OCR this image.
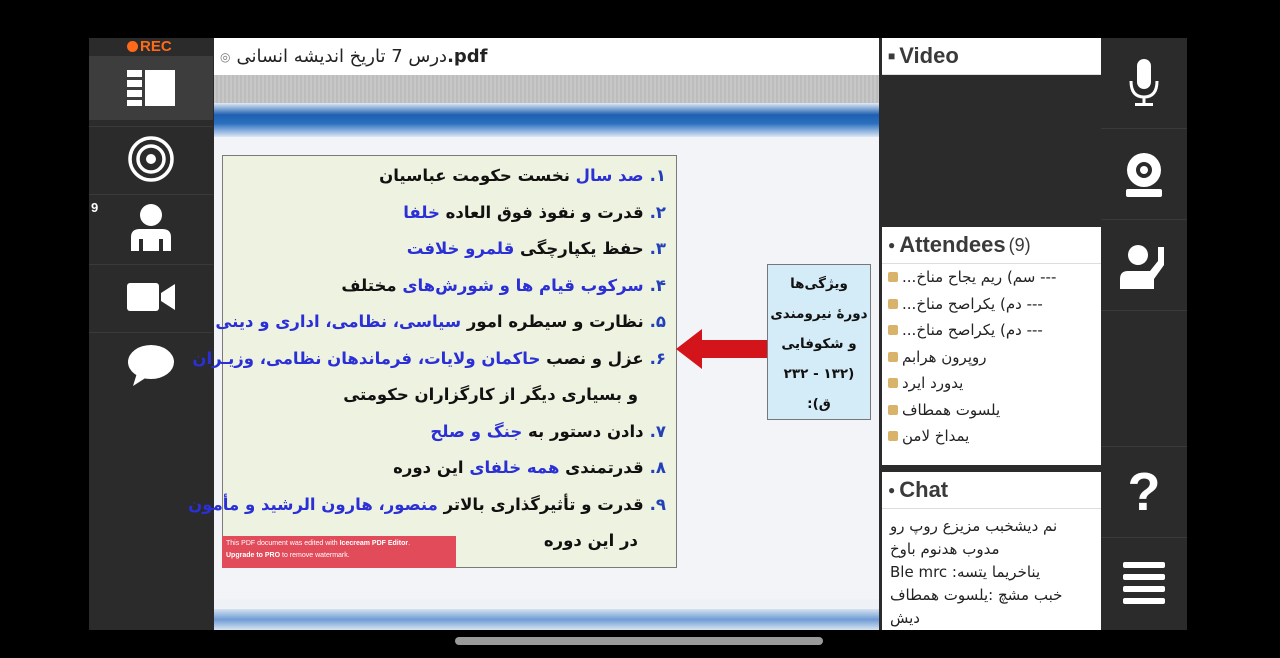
REC
9
◎ درس 7 تاریخ اندیشه انسانی.pdf
۱.صد سال نخست حکومت عباسیان
۲.قدرت و نفوذ فوق العاده خلفا
۳.حفظ یکپارچگی قلمرو خلافت
۴.سرکوب قیام ها و شورش‌های مختلف
۵.نظارت و سیطره امور سیاسی، نظامی، اداری و دینی
۶.عزل و نصب حاکمان ولایات، فرماندهان نظامی، وزیـران
و بسیاری دیگر از کارگزاران حکومتی
۷.دادن دستور به جنگ و صلح
۸.قدرتمندی همه خلفای این دوره
۹.قدرت و تأثیرگذاری بالاتر منصور، هارون الرشید و مأمون
در این دوره
This PDF document was edited with Icecream PDF Editor.
Upgrade to PRO to remove watermark.
ویژگی‌ها
دورۀ نیرومندی
و شکوفایی
(۱۳۲ - ۲۳۲
ق):
■ Video
● Attendees (9)
...سم) ريم يجاح مناخ ---
...دم) يكراصح مناخ ---
...دم) يكراصح مناخ ---
روپرون هرابم
يدورد ايرد
يلسوت همطاف
يمداخ لامن
● Chat
نم دیشخبب مزیزع روپ رو
مدوب هدنوم باوخ
Ble mrc :يناخريما يتسه
خبب مشچ :يلسوت همطاف
دیش
?
